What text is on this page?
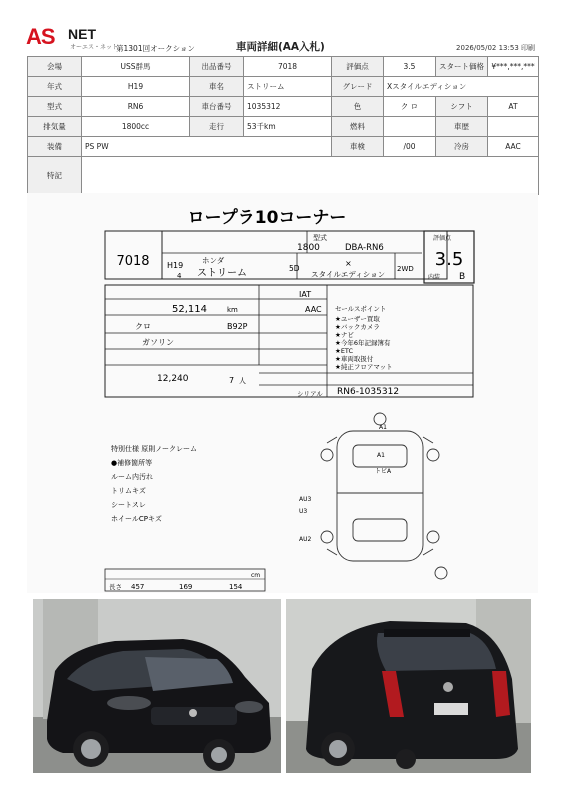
AS NET
オーエス・ネット
第1301回オークション	車両詳細(AA入札)	2026/05/02 13:53 印刷
会場	USS群馬	出品番号	7018	評価点	3.5	スタート価格	¥***,***,***
年式	H19	車名	ストリーム	グレード	Xスタイルエディション		
型式	RN6	車台番号	1035312	色	ク ロ	シフト	AT
排気量	1800cc	走行	53千km	燃料		車歴	
装備	PS PW			車検	/00	冷房	AAC
特記							
ロープラ10コーナー
7018
1800
型式
DBA-RN6
ホンダ
ストリーム
H19
4
5D
×
スタイルエディション
2WD
評価点
3.5
内装 B
52,114	km
クロ	B92P
ガソリン
IAT
AAC
12,240	7 人
シリアル RN6-1035312
セールスポイント
★ユーザー買取
★バックカメラ
★ナビ
★今年6年記録簿有
★ETC
★車両取扱付
★純正フロアマット
特別仕様 原則ノークレーム
●補修箇所等
ルーム内汚れ
トリムキズ
シートスレ
ホイールCPキズ
A1
A1
AU3
U3
AU2
トビA
長さ 457	169	154
cm
